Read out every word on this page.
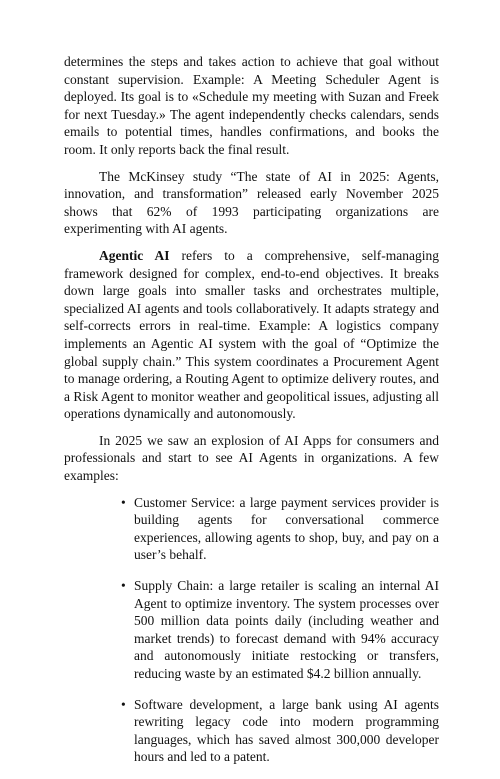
determines the steps and takes action to achieve that goal without constant supervision. Example: A Meeting Scheduler Agent is deployed. Its goal is to «Schedule my meeting with Suzan and Freek for next Tuesday.» The agent independently checks calendars, sends emails to potential times, handles confirmations, and books the room. It only reports back the final result.

The McKinsey study “The state of AI in 2025: Agents, innovation, and transformation” released early November 2025 shows that 62% of 1993 participating organizations are experimenting with AI agents.

Agentic AI refers to a comprehensive, self-managing framework designed for complex, end-to-end objectives. It breaks down large goals into smaller tasks and orchestrates multiple, specialized AI agents and tools collaboratively. It adapts strategy and self-corrects errors in real-time. Example: A logistics company implements an Agentic AI system with the goal of “Optimize the global supply chain.” This system coordinates a Procurement Agent to manage ordering, a Routing Agent to optimize delivery routes, and a Risk Agent to monitor weather and geopolitical issues, adjusting all operations dynamically and autonomously.

In 2025 we saw an explosion of AI Apps for consumers and professionals and start to see AI Agents in organizations. A few examples:

• Customer Service: a large payment services provider is building agents for conversational commerce experiences, allowing agents to shop, buy, and pay on a user’s behalf.
• Supply Chain: a large retailer is scaling an internal AI Agent to optimize inventory. The system processes over 500 million data points daily (including weather and market trends) to forecast demand with 94% accuracy and autonomously initiate restocking or transfers, reducing waste by an estimated $4.2 billion annually.
• Software development, a large bank using AI agents rewriting legacy code into modern programming languages, which has saved almost 300,000 developer hours and led to a patent.
